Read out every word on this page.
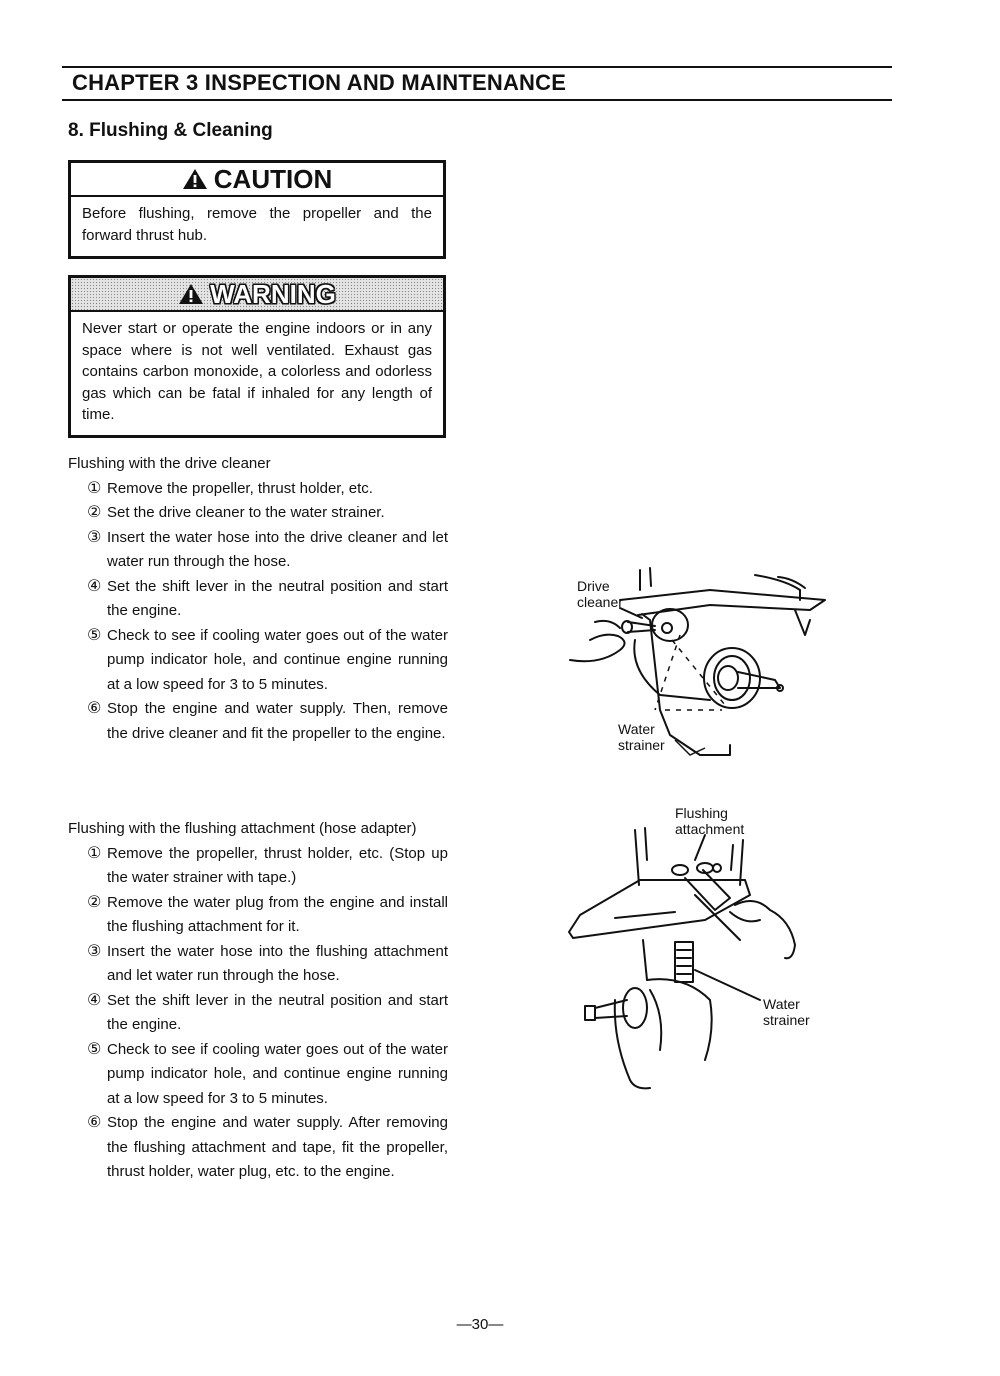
CHAPTER 3 INSPECTION AND MAINTENANCE
8. Flushing & Cleaning
CAUTION
Before flushing, remove the propeller and the forward thrust hub.
WARNING
Never start or operate the engine indoors or in any space where is not well ventilated. Exhaust gas contains carbon monoxide, a colorless and odorless gas which can be fatal if inhaled for any length of time.

Flushing with the drive cleaner

① Remove the propeller, thrust holder, etc.
② Set the drive cleaner to the water strainer.
③ Insert the water hose into the drive cleaner and let water run through the hose.
④ Set the shift lever in the neutral position and start the engine.
⑤ Check to see if cooling water goes out of the water pump indicator hole, and continue engine running at a low speed for 3 to 5 minutes.
⑥ Stop the engine and water supply. Then, remove the drive cleaner and fit the propeller to the engine.

Flushing with the flushing attachment (hose adapter)

① Remove the propeller, thrust holder, etc. (Stop up the water strainer with tape.)
② Remove the water plug from the engine and install the flushing attachment for it.
③ Insert the water hose into the flushing attachment and let water run through the hose.
④ Set the shift lever in the neutral position and start the engine.
⑤ Check to see if cooling water goes out of the water pump indicator hole, and continue engine running at a low speed for 3 to 5 minutes.
⑥ Stop the engine and water supply. After removing the flushing attachment and tape, fit the propeller, thrust holder, water plug, etc. to the engine.
Drive
cleaner
Water
strainer
Flushing
attachment
Water
strainer
—30—
